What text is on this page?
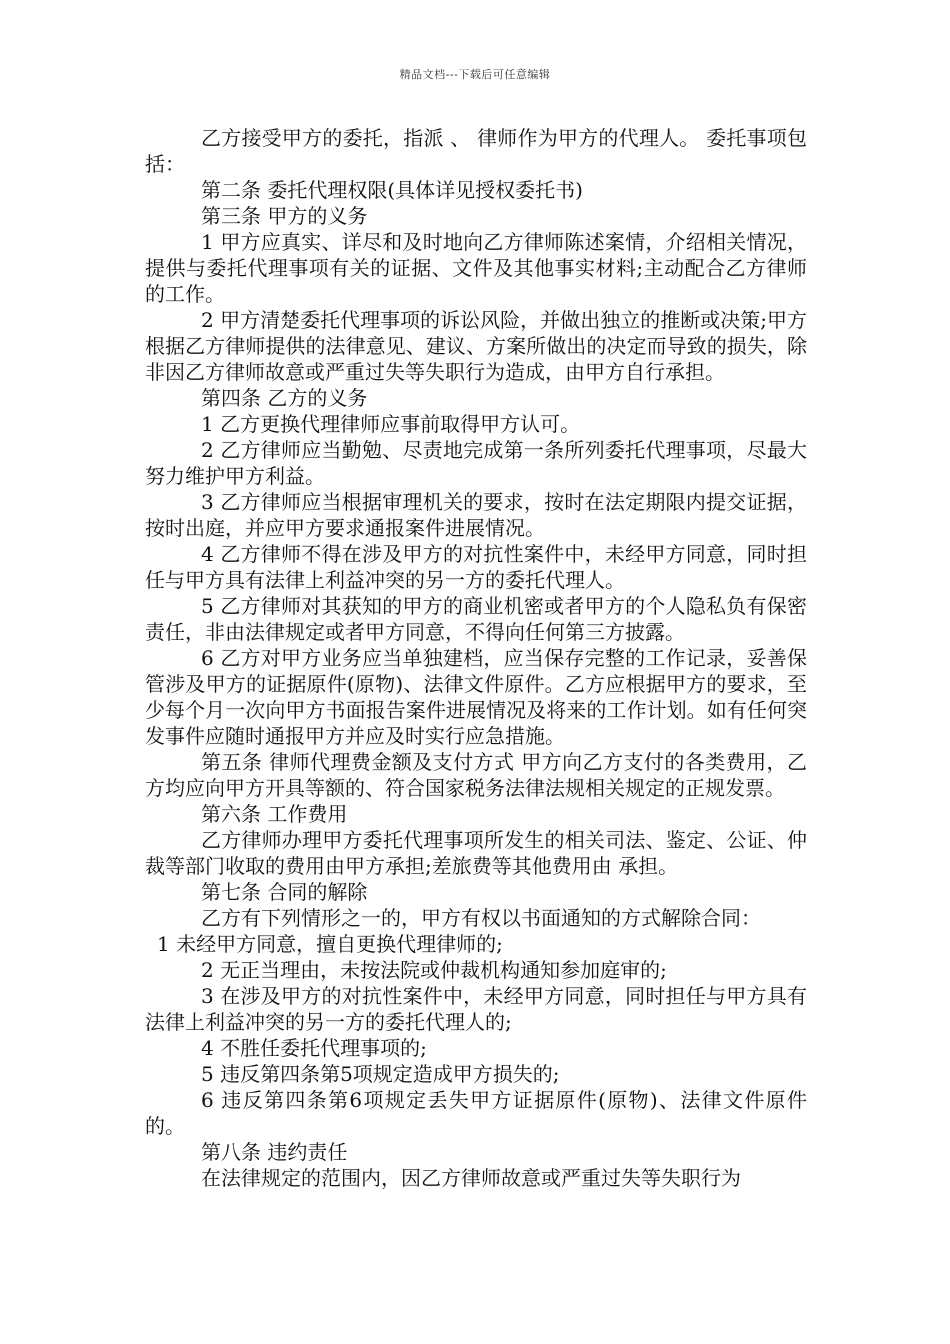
精品文档---下载后可任意编辑

乙方接受甲方的委托，指派 、 律师作为甲方的代理人。 委托事项包括：

第二条 委托代理权限(具体详见授权委托书)

第三条 甲方的义务

1 甲方应真实、详尽和及时地向乙方律师陈述案情，介绍相关情况，提供与委托代理事项有关的证据、文件及其他事实材料;主动配合乙方律师的工作。

2 甲方清楚委托代理事项的诉讼风险，并做出独立的推断或决策;甲方根据乙方律师提供的法律意见、建议、方案所做出的决定而导致的损失，除非因乙方律师故意或严重过失等失职行为造成，由甲方自行承担。

第四条 乙方的义务

1 乙方更换代理律师应事前取得甲方认可。

2 乙方律师应当勤勉、尽责地完成第一条所列委托代理事项，尽最大努力维护甲方利益。

3 乙方律师应当根据审理机关的要求，按时在法定期限内提交证据，按时出庭，并应甲方要求通报案件进展情况。

4 乙方律师不得在涉及甲方的对抗性案件中，未经甲方同意，同时担任与甲方具有法律上利益冲突的另一方的委托代理人。

5 乙方律师对其获知的甲方的商业机密或者甲方的个人隐私负有保密责任，非由法律规定或者甲方同意，不得向任何第三方披露。

6 乙方对甲方业务应当单独建档，应当保存完整的工作记录，妥善保管涉及甲方的证据原件(原物)、法律文件原件。乙方应根据甲方的要求，至少每个月一次向甲方书面报告案件进展情况及将来的工作计划。如有任何突发事件应随时通报甲方并应及时实行应急措施。

第五条 律师代理费金额及支付方式 甲方向乙方支付的各类费用，乙方均应向甲方开具等额的、符合国家税务法律法规相关规定的正规发票。

第六条 工作费用

乙方律师办理甲方委托代理事项所发生的相关司法、鉴定、公证、仲裁等部门收取的费用由甲方承担;差旅费等其他费用由 承担。

第七条 合同的解除

乙方有下列情形之一的，甲方有权以书面通知的方式解除合同：

1 未经甲方同意，擅自更换代理律师的;

2 无正当理由，未按法院或仲裁机构通知参加庭审的;

3 在涉及甲方的对抗性案件中，未经甲方同意，同时担任与甲方具有法律上利益冲突的另一方的委托代理人的;

4 不胜任委托代理事项的;

5 违反第四条第5项规定造成甲方损失的;

6 违反第四条第6项规定丢失甲方证据原件(原物)、法律文件原件的。

第八条 违约责任

在法律规定的范围内，因乙方律师故意或严重过失等失职行为
